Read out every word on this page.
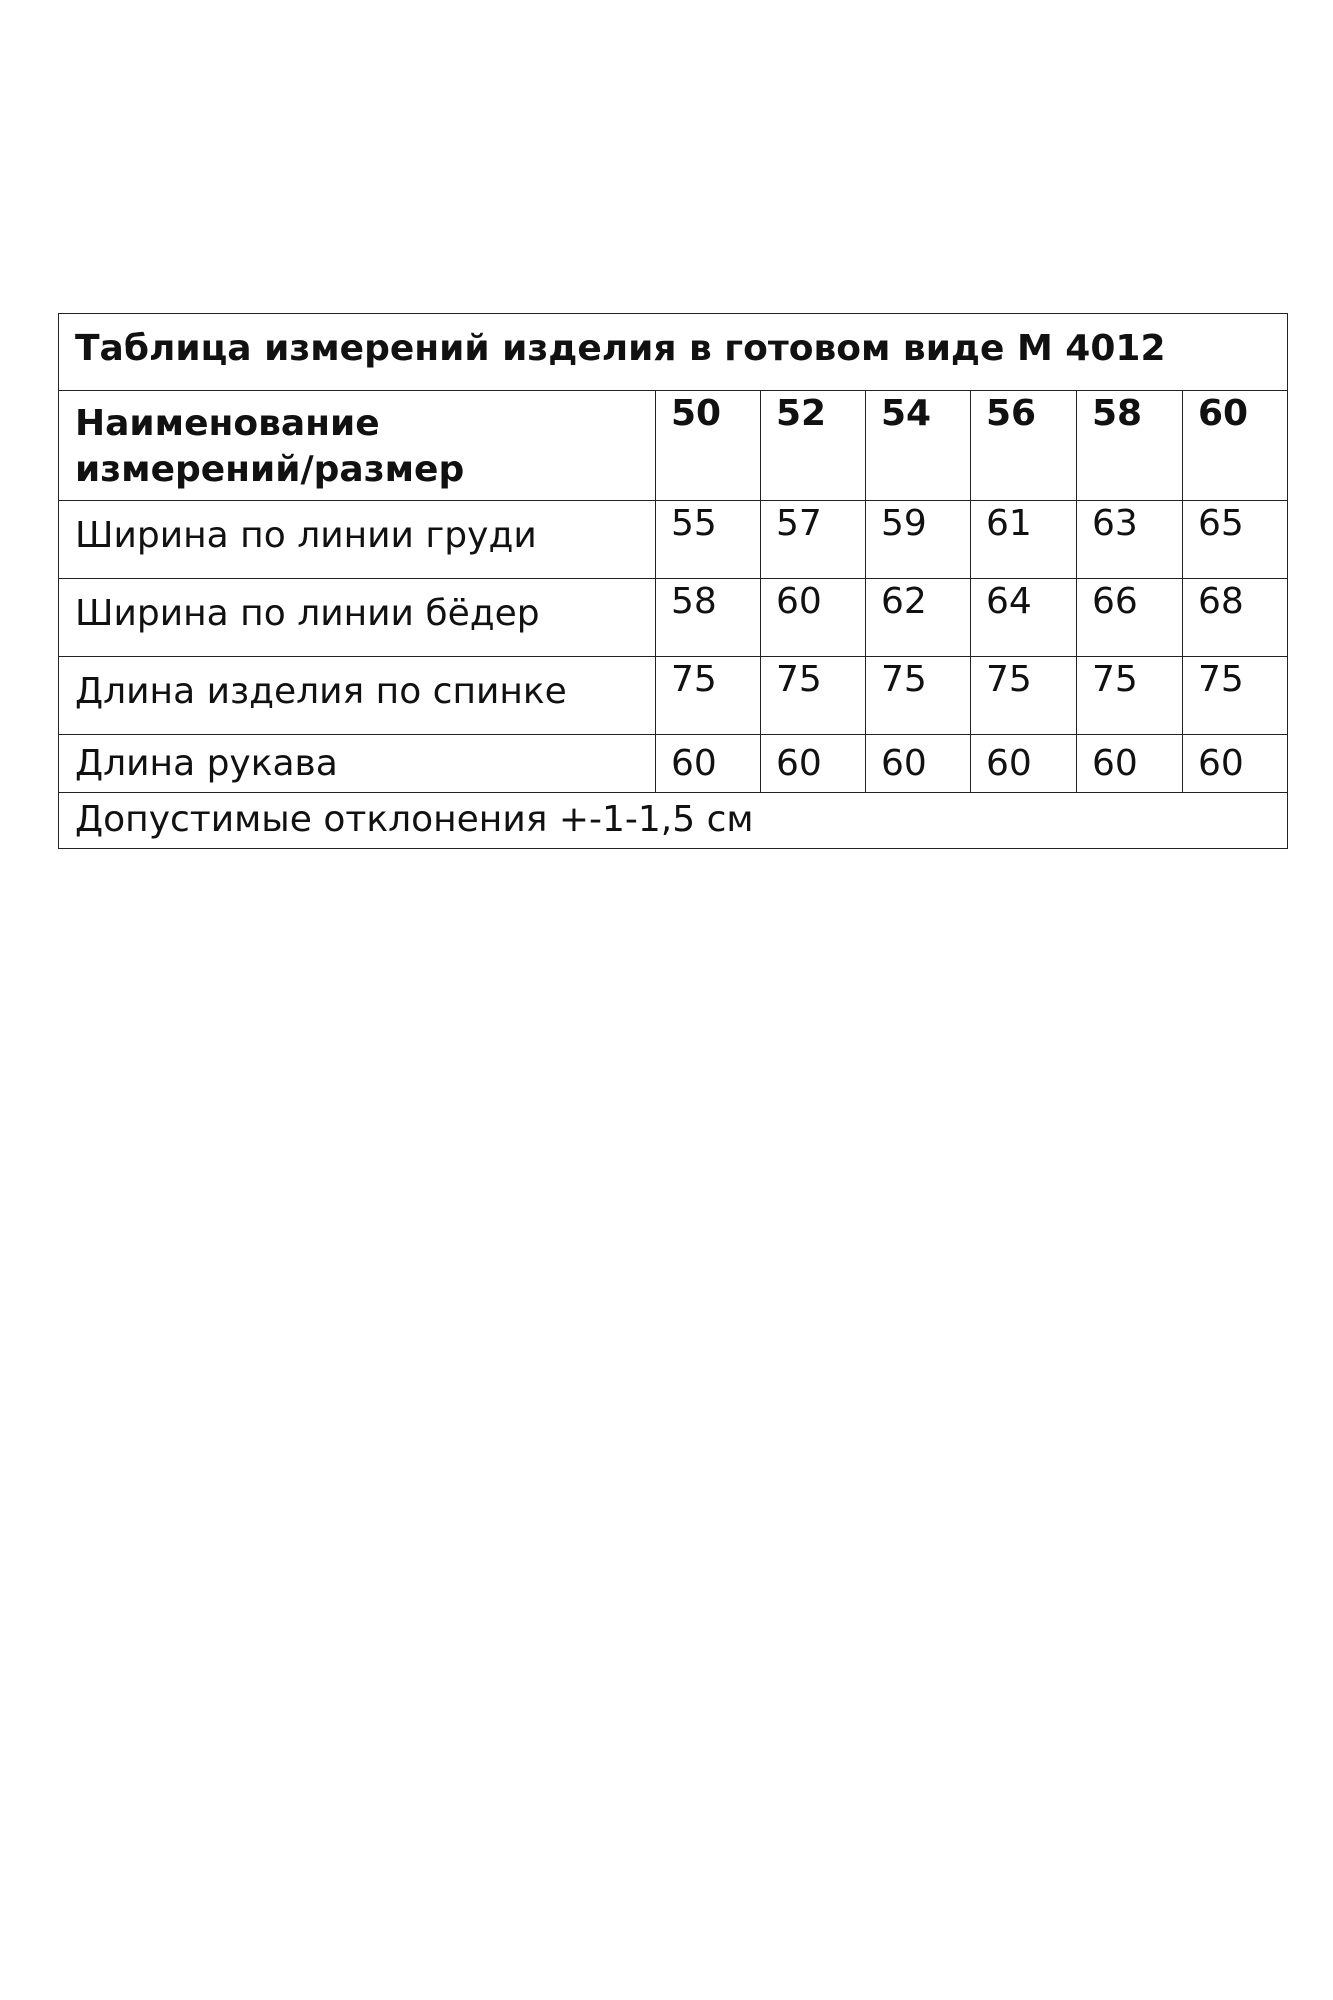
Таблица измерений изделия в готовом виде М 4012						
Наименование
измерений/размер	50	52	54	56	58	60
Ширина по линии груди	55	57	59	61	63	65
Ширина по линии бёдер	58	60	62	64	66	68
Длина изделия по спинке	75	75	75	75	75	75
Длина рукава	60	60	60	60	60	60
Допустимые отклонения +-1-1,5 см						
